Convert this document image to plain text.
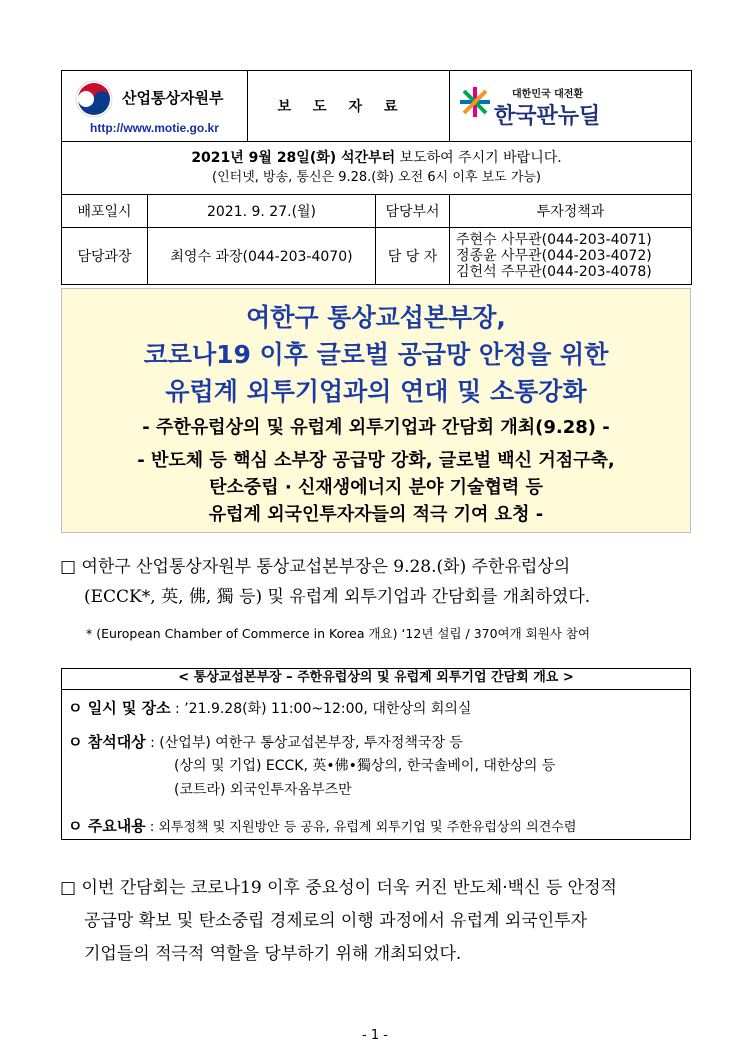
산업통상자원부
http://www.motie.go.kr		보도자료		대한민국 대전환
한국판뉴딜

2021년 9월 28일(화) 석간부터 보도하여 주시기 바랍니다.
(인터넷, 방송, 통신은 9.28.(화) 오전 6시 이후 보도 가능)				

배포일시	2021. 9. 27.(월)		담당부서	투자정책과
담당과장	최영수 과장(044-203-4070)		담 당 자	주현수 사무관(044-203-4071)
정종윤 사무관(044-203-4072)
김헌석 주무관(044-203-4078)
여한구 통상교섭본부장,
코로나19 이후 글로벌 공급망 안정을 위한
유럽계 외투기업과의 연대 및 소통강화
- 주한유럽상의 및 유럽계 외투기업과 간담회 개최(9.28) -
- 반도체 등 핵심 소부장 공급망 강화, 글로벌 백신 거점구축,
탄소중립 · 신재생에너지 분야 기술협력 등
유럽계 외국인투자자들의 적극 기여 요청 -
□ 여한구 산업통상자원부 통상교섭본부장은 9.28.(화) 주한유럽상의
(ECCK*, 英, 佛, 獨 등) 및 유럽계 외투기업과 간담회를 개최하였다.
* (European Chamber of Commerce in Korea 개요) ‘12년 설립 / 370여개 회원사 참여
< 통상교섭본부장 – 주한유럽상의 및 유럽계 외투기업 간담회 개요 >
ㅇ 일시 및 장소 : ’21.9.28(화) 11:00~12:00, 대한상의 회의실
ㅇ 참석대상 : (산업부) 여한구 통상교섭본부장, 투자정책국장 등
(상의 및 기업) ECCK, 英•佛•獨상의, 한국솔베이, 대한상의 등
(코트라) 외국인투자옴부즈만
ㅇ 주요내용 : 외투정책 및 지원방안 등 공유, 유럽계 외투기업 및 주한유럽상의 의견수렴
□ 이번 간담회는 코로나19 이후 중요성이 더욱 커진 반도체·백신 등 안정적
공급망 확보 및 탄소중립 경제로의 이행 과정에서 유럽계 외국인투자
기업들의 적극적 역할을 당부하기 위해 개최되었다.
- 1 -
